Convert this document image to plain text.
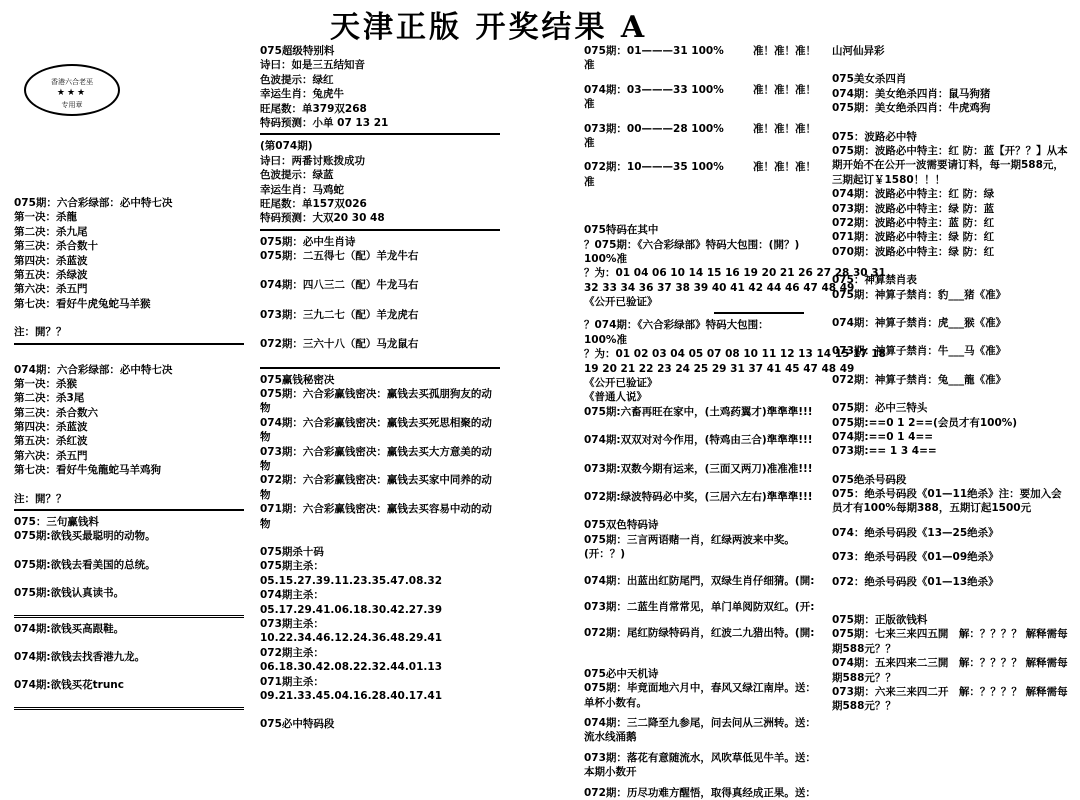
天津正版 开奖结果 A
香港六合老巫
★★★
专用章
075期：六合彩绿部：必中特七决
第一决：杀龍
第二决：杀九尾
第三决：杀合数十
第四决：杀蓝波
第五决：杀绿波
第六决：杀五門
第七决：看好牛虎兔蛇马羊猴
注：開？？
074期：六合彩绿部：必中特七决
第一决：杀猴
第二决：杀3尾
第三决：杀合数六
第四决：杀蓝波
第五决：杀红波
第六决：杀五門
第七决：看好牛兔龍蛇马羊鸡狗
注：開？？
075：三句赢钱料
075期:欲钱买最聪明的动物。
075期:欲钱去看美国的总统。
075期:欲钱认真读书。
074期:欲钱买高跟鞋。
074期:欲钱去找香港九龙。
074期:欲钱买花trunc
075超级特别料
诗曰：如是三五结知音
色波提示：绿红
幸运生肖：兔虎牛
旺尾数：单379双268
特码预测：小单 07 13 21
(第074期)
诗曰：两番讨账拨成功
色波提示：绿蓝
幸运生肖：马鸡蛇
旺尾数：单157双026
特码预测：大双20 30 48
075期：必中生肖诗
075期：二五得七（配）羊龙牛右
074期：四八三二（配）牛龙马右
073期：三九二七（配）羊龙虎右
072期：三六十八（配）马龙鼠右
075赢钱秘密决
075期：六合彩赢钱密决：赢钱去买孤朋狗友的动物
074期：六合彩赢钱密决：赢钱去买死思相聚的动物
073期：六合彩赢钱密决：赢钱去买大方意美的动物
072期：六合彩赢钱密决：赢钱去买家中同养的动物
071期：六合彩赢钱密决：赢钱去买容易中动的动物
075期杀十码
075期主杀：05.15.27.39.11.23.35.47.08.32
074期主杀：05.17.29.41.06.18.30.42.27.39
073期主杀：10.22.34.46.12.24.36.48.29.41
072期主杀：06.18.30.42.08.22.32.44.01.13
071期主杀：09.21.33.45.04.16.28.40.17.41
075必中特码段
075期：01———31 100%	准！准！准！
准
074期：03———33 100%	准！准！准！
准
073期：00———28 100%	准！准！准！
准
072期：10———35 100%	准！准！准！
准
075特码在其中
？075期：《六合彩绿部》特码大包围：(開？)
100%准
？为：01 04 06 10 14 15 16 19 20 21 26 27 28 30 31
32 33 34 36 37 38 39 40 41 42 44 46 47 48 49
《公开已验证》
？074期：《六合彩绿部》特码大包围：
100%准
？为：01 02 03 04 05 07 08 10 11 12 13 14 15 17 18
19 20 21 22 23 24 25 29 31 37 41 45 47 48 49
《公开已验证》
《普通人说》
075期:六畜再旺在家中，(土鸡药翼才)準準準!!!
074期:双双对对今作用，(特鸡由三合)準準準!!!
073期:双数今期有运来，(三面又两刀)准准准!!!
072期:绿波特码必中奖，(三居六左右)準準準!!!
075双色特码诗
075期：三言两语赌一肖，红绿两波来中奖。(开：？)
074期：出蓝出红防尾門，双绿生肖仔细猜。(開:
073期：二蓝生肖常常见，单门单阅防双红。(开:
072期：尾红防绿特码肖，红波二九猎出特。(開:
075必中天机诗
075期：毕竟面地六月中，春风又绿江南岸。送：单杯小数有。
074期：三二降至九参尾，问去问从三洲转。送：流水线涌鹅
073期：落花有意随流水，风吹草低见牛羊。送：本期小数开
072期：历尽功难方醒悟，取得真经成正果。送：
山河仙异彩
075美女杀四肖
074期：美女绝杀四肖：鼠马狗猪
075期：美女绝杀四肖：牛虎鸡狗
075：波路必中特
075期：波路必中特主：红 防：蓝【开？？】从本期开始不在公开一波需要请订料，每一期588元，三期起订￥1580！！！
074期：波路必中特主：红 防：绿
073期：波路必中特主：绿 防：蓝
072期：波路必中特主：蓝 防：红
071期：波路必中特主：绿 防：红
070期：波路必中特主：绿 防：红
075：神算禁肖表
075期：神算子禁肖：豹___猪《准》
074期：神算子禁肖：虎___猴《准》
073期：神算子禁肖：牛___马《准》
072期：神算子禁肖：兔___龍《准》
075期：必中三特头
075期:==0 1 2==(会员才有100%)
074期:==0 1 4==
073期:== 1 3 4==
075绝杀号码段
075：绝杀号码段《01—11绝杀》注：要加入会员才有100%每期388，五期订起1500元
074：绝杀号码段《13—25绝杀》
073：绝杀号码段《01—09绝杀》
072：绝杀号码段《01—13绝杀》
075期：正版欲钱料
075期：七来三来四五開　解：？？？？ 解释需每期588元？？
074期：五来四来二三開　解：？？？？ 解释需每期588元？？
073期：六来三来四二开　解：？？？？ 解释需每期588元？？
